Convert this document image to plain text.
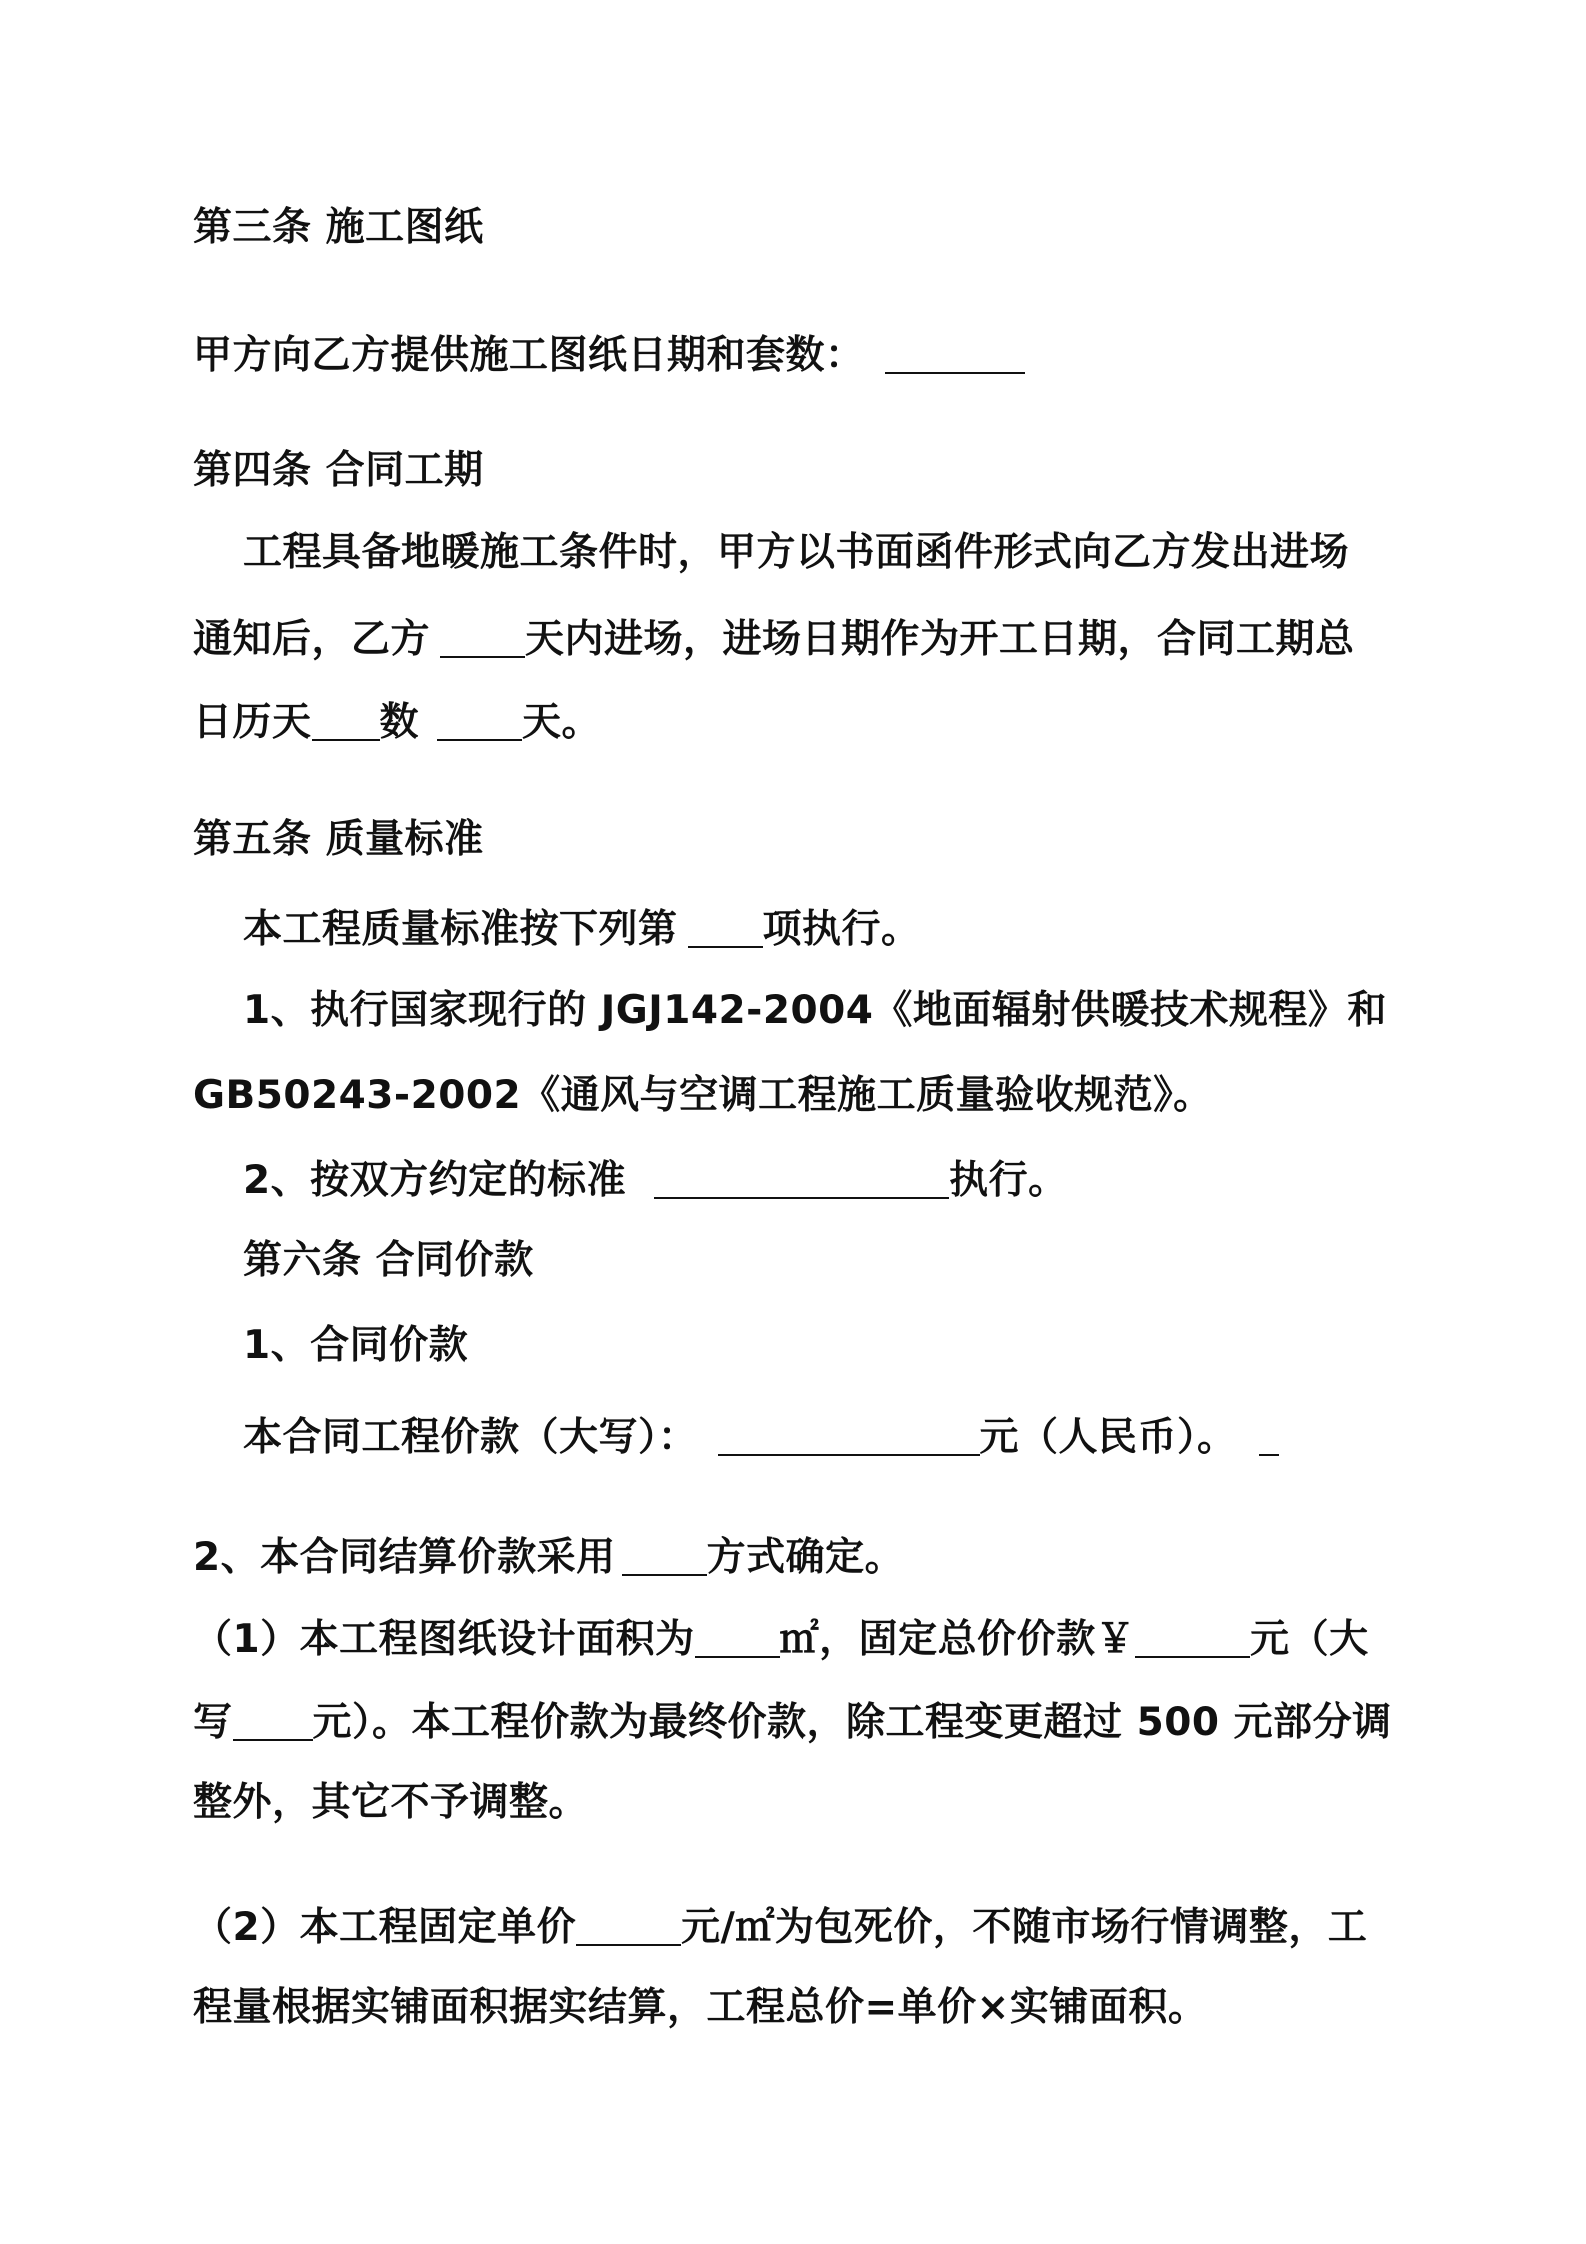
第三条 施工图纸
甲方向乙方提供施工图纸日期和套数：
第四条 合同工期
工程具备地暖施工条件时，甲方以书面函件形式向乙方发出进场
通知后，乙方 天内进场，进场日期作为开工日期，合同工期总
日历天 数	天。
第五条 质量标准
本工程质量标准按下列第 项执行。
1、执行国家现行的 JGJ142-2004《地面辐射供暖技术规程》和
GB50243-2002《通风与空调工程施工质量验收规范》。
2、按双方约定的标准	执行。
第六条 合同价款
1、合同价款
本合同工程价款（大写）：	元（人民币）。
2、本合同结算价款采用 方式确定。
（1）本工程图纸设计面积为 ㎡，固定总价价款￥	元（大
写 元）。本工程价款为最终价款，除工程变更超过 500 元部分调
整外，其它不予调整。
（2）本工程固定单价	元/㎡为包死价，不随市场行情调整，工
程量根据实铺面积据实结算，工程总价=单价×实铺面积。
